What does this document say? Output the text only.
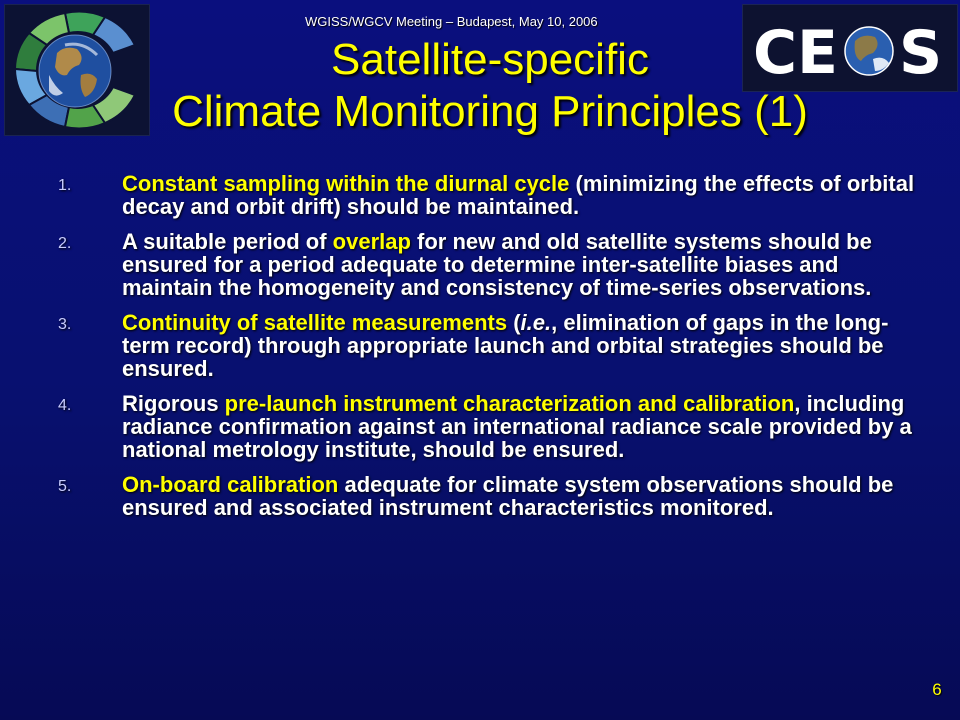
WGISS/WGCV Meeting – Budapest, May 10, 2006	C E S
Satellite-specific
Climate Monitoring Principles (1)
1. Constant sampling within the diurnal cycle (minimizing the effects of orbital decay and orbit drift) should be maintained.
2. A suitable period of overlap for new and old satellite systems should be ensured for a period adequate to determine inter-satellite biases and maintain the homogeneity and consistency of time-series observations.
3. Continuity of satellite measurements (i.e., elimination of gaps in the long-term record) through appropriate launch and orbital strategies should be ensured.
4. Rigorous pre-launch instrument characterization and calibration, including radiance confirmation against an international radiance scale provided by a national metrology institute, should be ensured.
5. On-board calibration adequate for climate system observations should be ensured and associated instrument characteristics monitored.
6
